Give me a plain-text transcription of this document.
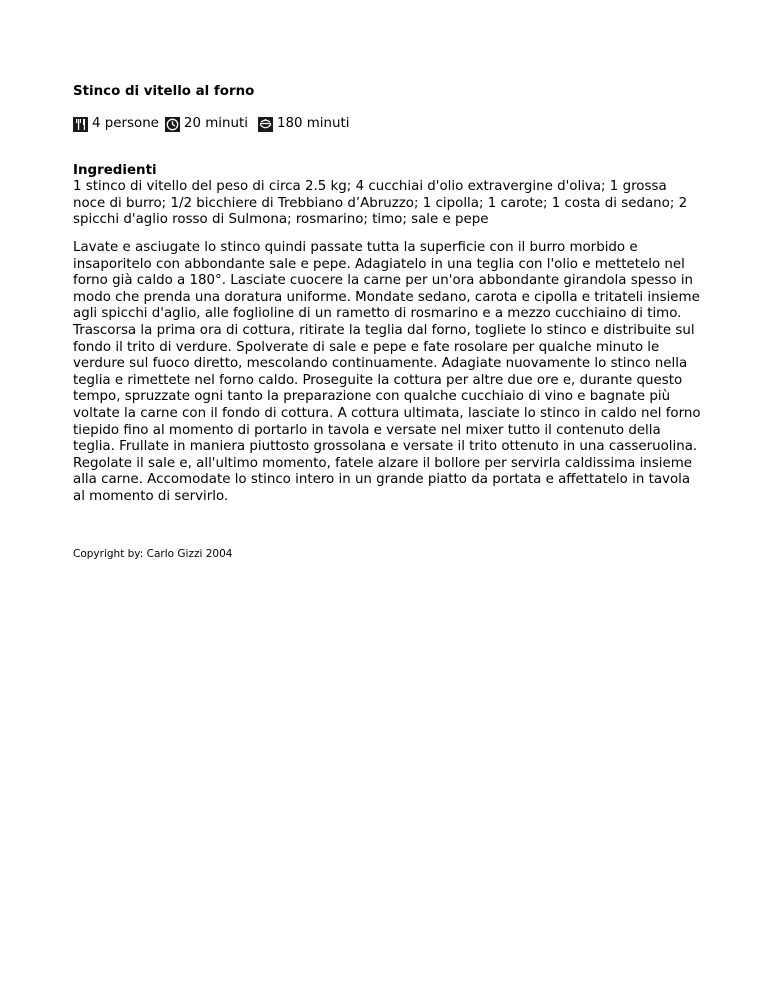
Stinco di vitello al forno
4 persone 20 minuti 180 minuti
Ingredienti
1 stinco di vitello del peso di circa 2.5 kg; 4 cucchiai d'olio extravergine d'oliva; 1 grossa noce di burro; 1/2 bicchiere di Trebbiano d’Abruzzo; 1 cipolla; 1 carote; 1 costa di sedano; 2 spicchi d'aglio rosso di Sulmona; rosmarino; timo; sale e pepe
Lavate e asciugate lo stinco quindi passate tutta la superficie con il burro morbido e insaporitelo con abbondante sale e pepe. Adagiatelo in una teglia con l'olio e mettetelo nel forno già caldo a 180°. Lasciate cuocere la carne per un'ora abbondante girandola spesso in modo che prenda una doratura uniforme. Mondate sedano, carota e cipolla e tritateli insieme agli spicchi d'aglio, alle foglioline di un rametto di rosmarino e a mezzo cucchiaino di timo. Trascorsa la prima ora di cottura, ritirate la teglia dal forno, togliete lo stinco e distribuite sul fondo il trito di verdure. Spolverate di sale e pepe e fate rosolare per qualche minuto le verdure sul fuoco diretto, mescolando continuamente. Adagiate nuovamente lo stinco nella teglia e rimettete nel forno caldo. Proseguite la cottura per altre due ore e, durante questo tempo, spruzzate ogni tanto la preparazione con qualche cucchiaio di vino e bagnate più voltate la carne con il fondo di cottura. A cottura ultimata, lasciate lo stinco in caldo nel forno tiepido fino al momento di portarlo in tavola e versate nel mixer tutto il contenuto della teglia. Frullate in maniera piuttosto grossolana e versate il trito ottenuto in una casseruolina. Regolate il sale e, all'ultimo momento, fatele alzare il bollore per servirla caldissima insieme alla carne. Accomodate lo stinco intero in un grande piatto da portata e affettatelo in tavola al momento di servirlo.
Copyright by: Carlo Gizzi 2004
